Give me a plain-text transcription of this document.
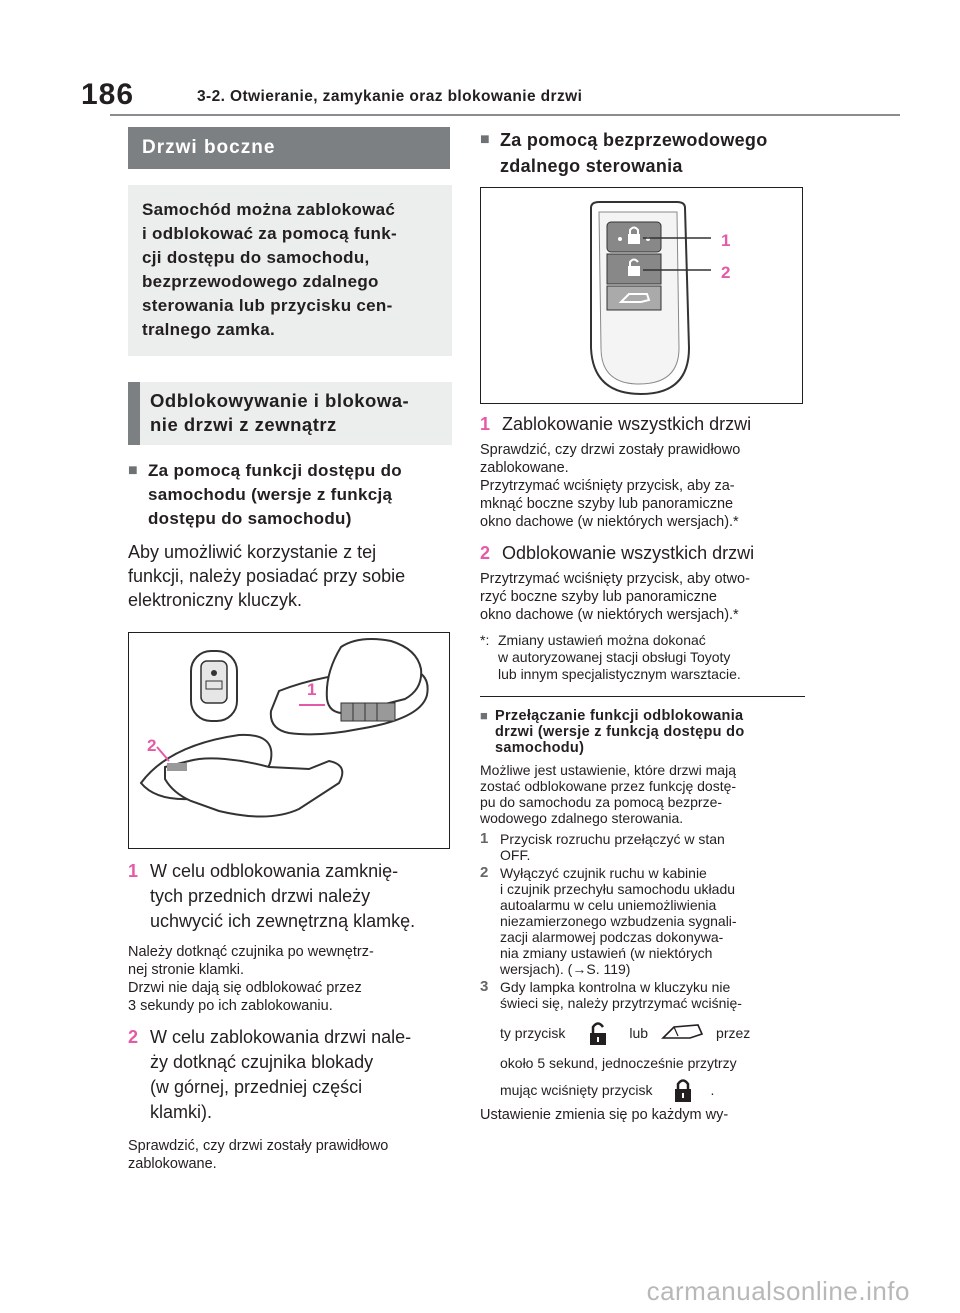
186	3-2. Otwieranie, zamykanie oraz blokowanie drzwi
Drzwi boczne
Samochód można zablokować
i odblokować za pomocą funk-
cji dostępu do samochodu,
bezprzewodowego zdalnego
sterowania lub przycisku cen-
tralnego zamka.
Odblokowywanie i blokowa-
nie drzwi z zewnątrz
■ Za pomocą funkcji dostępu do
samochodu (wersje z funkcją
dostępu do samochodu)
Aby umożliwić korzystanie z tej
funkcji, należy posiadać przy sobie
elektroniczny kluczyk.
1
2
1 W celu odblokowania zamknię-
tych przednich drzwi należy
uchwycić ich zewnętrzną klamkę.
Należy dotknąć czujnika po wewnętrz-
nej stronie klamki.
Drzwi nie dają się odblokować przez
3 sekundy po ich zablokowaniu.
2 W celu zablokowania drzwi nale-
ży dotknąć czujnika blokady
(w górnej, przedniej części
klamki).
Sprawdzić, czy drzwi zostały prawidłowo
zablokowane.
■ Za pomocą bezprzewodowego
zdalnego sterowania
1
2
1 Zablokowanie wszystkich drzwi
Sprawdzić, czy drzwi zostały prawidłowo
zablokowane.
Przytrzymać wciśnięty przycisk, aby za-
mknąć boczne szyby lub panoramiczne
okno dachowe (w niektórych wersjach).*
2 Odblokowanie wszystkich drzwi
Przytrzymać wciśnięty przycisk, aby otwo-
rzyć boczne szyby lub panoramiczne
okno dachowe (w niektórych wersjach).*
*: Zmiany ustawień można dokonać
w autoryzowanej stacji obsługi Toyoty
lub innym specjalistycznym warsztacie.
■ Przełączanie funkcji odblokowania
drzwi (wersje z funkcją dostępu do
samochodu)
Możliwe jest ustawienie, które drzwi mają
zostać odblokowane przez funkcję dostę-
pu do samochodu za pomocą bezprze-
wodowego zdalnego sterowania.
1 Przycisk rozruchu przełączyć w stan
OFF.
2 Wyłączyć czujnik ruchu w kabinie
i czujnik przechyłu samochodu układu
autoalarmu w celu uniemożliwienia
niezamierzonego wzbudzenia sygnali-
zacji alarmowej podczas dokonywa-
nia zmiany ustawień (w niektórych
wersjach). (→S. 119)
3 Gdy lampka kontrolna w kluczyku nie
świeci się, należy przytrzymać wciśnię-
ty przycisk	lub	przez
około 5 sekund, jednocześnie przytrzy
mując wciśnięty przycisk	.
Ustawienie zmienia się po każdym wy-
carmanualsonline.info
